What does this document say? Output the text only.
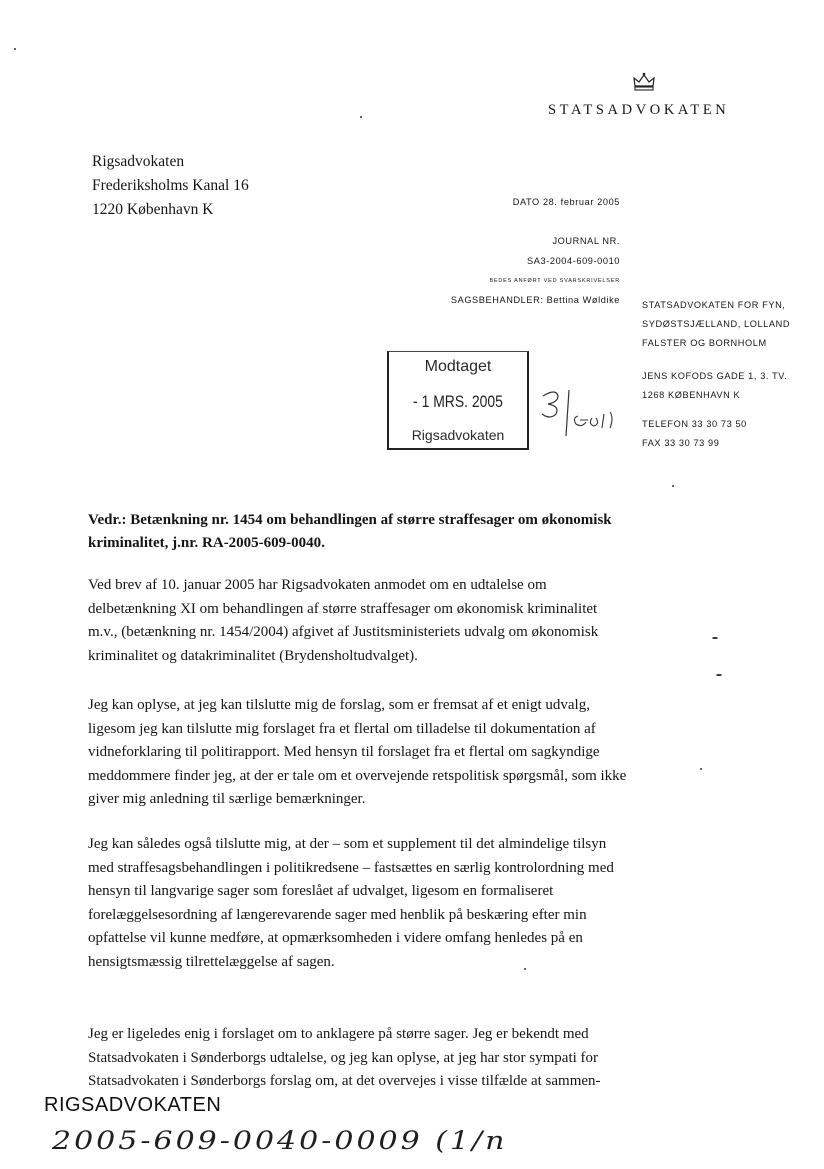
STATSADVOKATEN
Rigsadvokaten
Frederiksholms Kanal 16
1220 København K	DATO 28. februar 2005
JOURNAL NR.
SA3-2004-609-0010
BEDES ANFØRT VED SVARSKRIVELSER
SAGSBEHANDLER: Bettina Wøldike STATSADVOKATEN FOR FYN,
SYDØSTSJÆLLAND, LOLLAND
FALSTER OG BORNHOLM
JENS KOFODS GADE 1, 3. TV.
1268 KØBENHAVN K
TELEFON 33 30 73 50
FAX 33 30 73 99
Modtaget
- 1 MRS. 2005
Rigsadvokaten
Vedr.: Betænkning nr. 1454 om behandlingen af større straffesager om økonomisk kriminalitet, j.nr. RA-2005-609-0040.
Ved brev af 10. januar 2005 har Rigsadvokaten anmodet om en udtalelse om delbetænkning XI om behandlingen af større straffesager om økonomisk kriminalitet m.v., (betænkning nr. 1454/2004) afgivet af Justitsministeriets udvalg om økonomisk kriminalitet og datakriminalitet (Brydensholtudvalget).
Jeg kan oplyse, at jeg kan tilslutte mig de forslag, som er fremsat af et enigt udvalg, ligesom jeg kan tilslutte mig forslaget fra et flertal om tilladelse til dokumentation af vidneforklaring til politirapport. Med hensyn til forslaget fra et flertal om sagkyndige meddommere finder jeg, at der er tale om et overvejende retspolitisk spørgsmål, som ikke giver mig anledning til særlige bemærkninger.
Jeg kan således også tilslutte mig, at der – som et supplement til det almindelige tilsyn med straffesagsbehandlingen i politikredsene – fastsættes en særlig kontrolordning med hensyn til langvarige sager som foreslået af udvalget, ligesom en formaliseret forelæggelsesordning af længerevarende sager med henblik på beskæring efter min opfattelse vil kunne medføre, at opmærksomheden i videre omfang henledes på en hensigtsmæssig tilrettelæggelse af sagen.
Jeg er ligeledes enig i forslaget om to anklagere på større sager. Jeg er bekendt med Statsadvokaten i Sønderborgs udtalelse, og jeg kan oplyse, at jeg har stor sympati for Statsadvokaten i Sønderborgs forslag om, at det overvejes i visse tilfælde at sammen-
RIGSADVOKATEN
2005-609-0040-0009 (1/n
